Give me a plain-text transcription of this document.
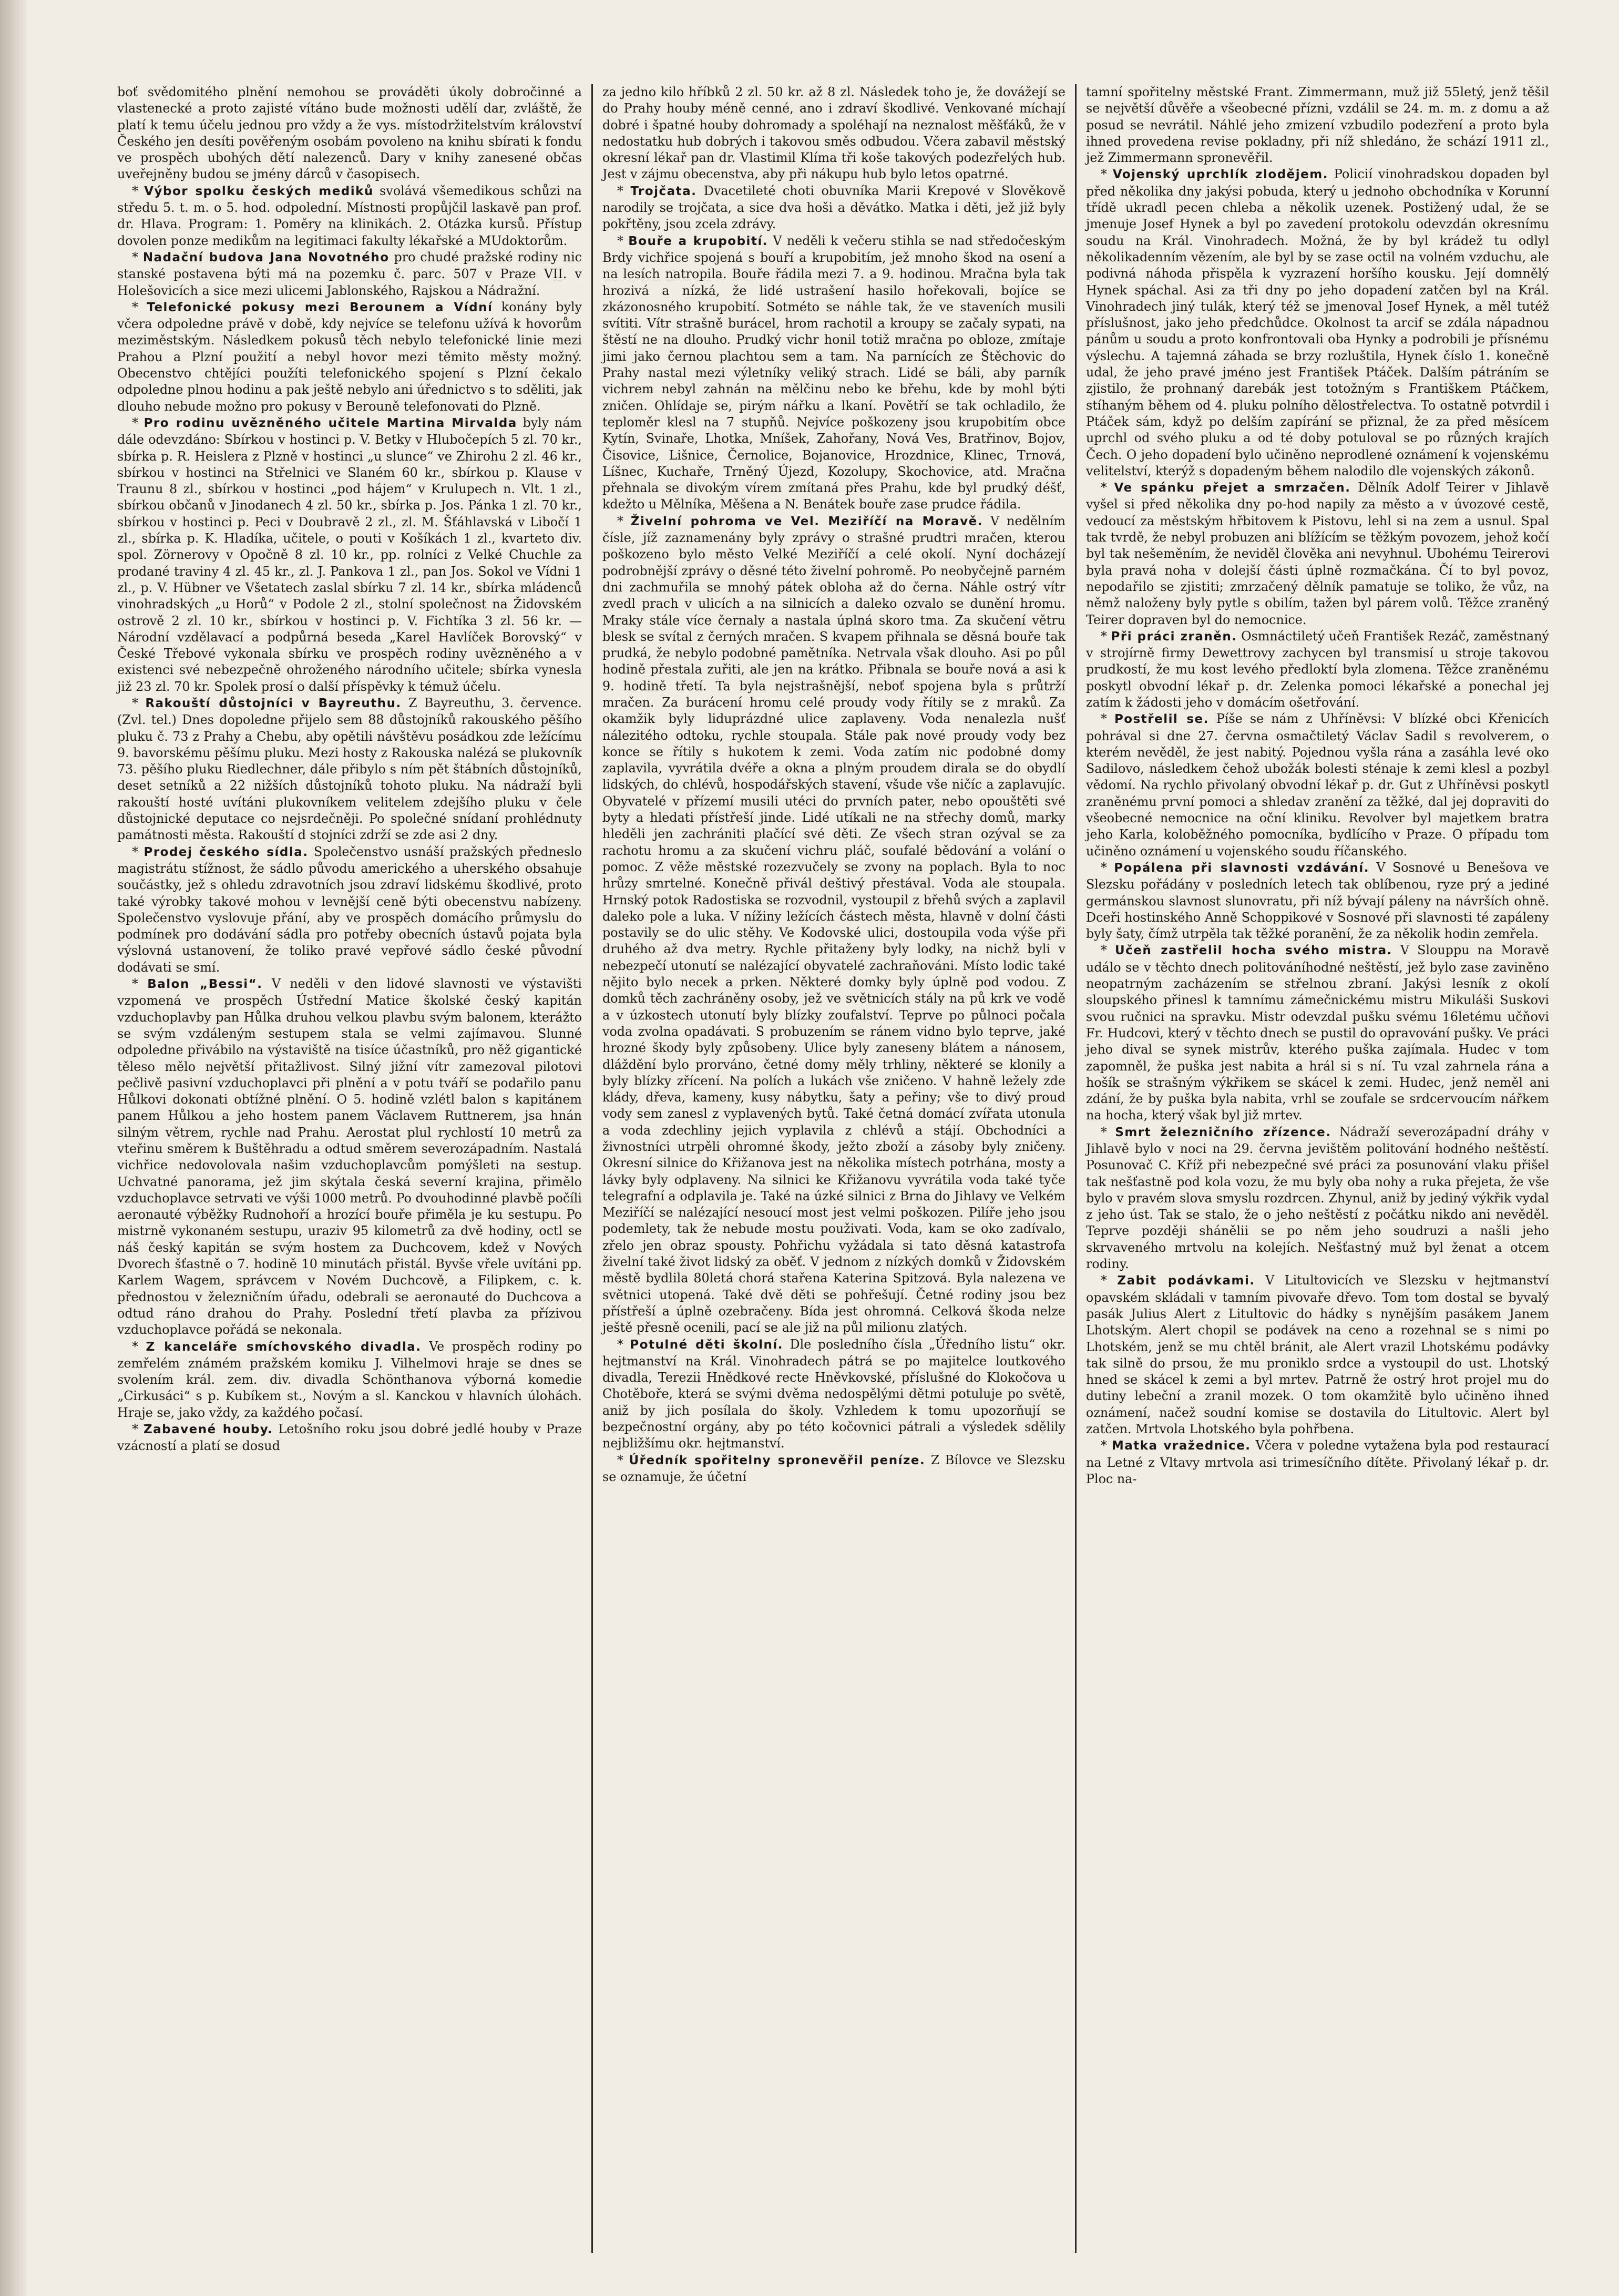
boť svědomitého plnění nemohou se prováděti úkoly dobročinné a vlastenecké a proto zajisté vítáno bude možnosti udělí dar, zvláště, že platí k temu účelu jednou pro vždy a že vys. místodržitelstvím království Českého jen desíti pověřeným osobám povoleno na knihu sbírati k fondu ve prospěch ubohých dětí nalezenců. Dary v knihy zanesené občas uveřejněny budou se jmény dárců v časopisech.

* Výbor spolku českých mediků svolává všemedikous schůzi na středu 5. t. m. o 5. hod. odpolední. Místnosti propůjčil laskavě pan prof. dr. Hlava. Program: 1. Poměry na klinikách. 2. Otázka kursů. Přístup dovolen ponze medikům na legitimaci fakulty lékařské a MUdoktorům.

* Nadační budova Jana Novotného pro chudé pražské rodiny nic stanské postavena býti má na pozemku č. parc. 507 v Praze VII. v Holešovicích a sice mezi ulicemi Jablonského, Rajskou a Nádražní.

* Telefonické pokusy mezi Berounem a Vídní konány byly včera odpoledne právě v době, kdy nejvíce se telefonu užívá k hovorům meziměstským. Následkem pokusů těch nebylo telefonické linie mezi Prahou a Plzní použití a nebyl hovor mezi těmito městy možný. Obecenstvo chtějíci použíti telefonického spojení s Plzní čekalo odpoledne plnou hodinu a pak ještě nebylo ani úřednictvo s to sděliti, jak dlouho nebude možno pro pokusy v Berouně telefonovati do Plzně.

* Pro rodinu uvězněného učitele Martina Mirvalda byly nám dále odevzdáno: Sbírkou v hostinci p. V. Betky v Hlubočepích 5 zl. 70 kr., sbírka p. R. Heislera z Plzně v hostinci „u slunce“ ve Zhirohu 2 zl. 46 kr., sbírkou v hostinci na Střelnici ve Slaném 60 kr., sbírkou p. Klause v Traunu 8 zl., sbírkou v hostinci „pod hájem“ v Krulupech n. Vlt. 1 zl., sbírkou občanů v Jinodanech 4 zl. 50 kr., sbírka p. Jos. Pánka 1 zl. 70 kr., sbírkou v hostinci p. Peci v Doubravě 2 zl., zl. M. Šťáhlavská v Libočí 1 zl., sbírka p. K. Hladíka, učitele, o pouti v Košíkách 1 zl., kvarteto div. spol. Zörnerovy v Opočně 8 zl. 10 kr., pp. rolníci z Velké Chuchle za prodané traviny 4 zl. 45 kr., zl. J. Pankova 1 zl., pan Jos. Sokol ve Vídni 1 zl., p. V. Hübner ve Všetatech zaslal sbírku 7 zl. 14 kr., sbírka mládenců vinohradských „u Horů“ v Podole 2 zl., stolní společnost na Židovském ostrově 2 zl. 10 kr., sbírkou v hostinci p. V. Fichtíka 3 zl. 56 kr. — Národní vzdělavací a podpůrná beseda „Karel Havlíček Borovský“ v České Třebové vykonala sbírku ve prospěch rodiny uvězněného a v existenci své nebezpečně ohroženého národního učitele; sbírka vynesla již 23 zl. 70 kr. Spolek prosí o další příspěvky k témuž účelu.

* Rakouští důstojníci v Bayreuthu. Z Bayreuthu, 3. července. (Zvl. tel.) Dnes dopoledne přijelo sem 88 důstojníků rakouského pěšího pluku č. 73 z Prahy a Chebu, aby opětili návštěvu posádkou zde ležícímu 9. bavorskému pěšímu pluku. Mezi hosty z Rakouska nalézá se plukovník 73. pěšího pluku Riedlechner, dále přibylo s ním pět štábních důstojníků, deset setníků a 22 nižších důstojníků tohoto pluku. Na nádraží byli rakouští hosté uvítáni plukovníkem velitelem zdejšího pluku v čele důstojnické deputace co nejsrdečněji. Po společné snídaní prohlédnuty památnosti města. Rakouští d stojníci zdrží se zde asi 2 dny.

* Prodej českého sídla. Společenstvo usnáší pražských předneslo magistrátu stížnost, že sádlo původu amerického a uherského obsahuje součástky, jež s ohledu zdravotních jsou zdraví lidskému škodlivé, proto také výrobky takové mohou v levnější ceně býti obecenstvu nabízeny. Společenstvo vyslovuje přání, aby ve prospěch domácího průmyslu do podmínek pro dodávání sádla pro potřeby obecních ústavů pojata byla výslovná ustanovení, že toliko pravé vepřové sádlo české původní dodávati se smí.

* Balon „Bessi“. V neděli v den lidové slavnosti ve výstavišti vzpomená ve prospěch Ústřední Matice školské český kapitán vzduchoplavby pan Hůlka druhou velkou plavbu svým balonem, kterážto se svým vzdáleným sestupem stala se velmi zajímavou. Slunné odpoledne přivábilo na výstaviště na tisíce účastníků, pro něž gigantické těleso mělo největší přitažlivost. Silný jižní vítr zamezoval pilotovi pečlivě pasivní vzduchoplavci při plnění a v potu tváří se podařilo panu Hůlkovi dokonati obtížné plnění. O 5. hodině vzlétl balon s kapitánem panem Hůlkou a jeho hostem panem Václavem Ruttnerem, jsa hnán silným větrem, rychle nad Prahu. Aerostat plul rychlostí 10 metrů za vteřinu směrem k Buštěhradu a odtud směrem severozápadním. Nastalá vichřice nedovolovala našim vzduchoplavcům pomýšleti na sestup. Uchvatné panorama, jež jim skýtala česká severní krajina, přimělo vzduchoplavce setrvati ve výši 1000 metrů. Po dvouhodinné plavbě počíli aeronauté výběžky Rudnohoří a hrozící bouře přiměla je ku sestupu. Po mistrně vykonaném sestupu, uraziv 95 kilometrů za dvě hodiny, octl se náš český kapitán se svým hostem za Duchcovem, kdež v Nových Dvorech šťastně o 7. hodině 10 minutách přistál. Byvše vřele uvítáni pp. Karlem Wagem, správcem v Novém Duchcově, a Filipkem, c. k. přednostou v železničním úřadu, odebrali se aeronauté do Duchcova a odtud ráno drahou do Prahy. Poslední třetí plavba za přízivou vzduchoplavce pořádá se nekonala.

* Z kanceláře smíchovského divadla. Ve prospěch rodiny po zemřelém známém pražském komiku J. Vilhelmovi hraje se dnes se svolením král. zem. div. divadla Schönthanova výborná komedie „Cirkusáci“ s p. Kubíkem st., Novým a sl. Kanckou v hlavních úlohách. Hraje se, jako vždy, za každého počasí.

* Zabavené houby. Letošního roku jsou dobré jedlé houby v Praze vzácností a platí se dosud

za jedno kilo hříbků 2 zl. 50 kr. až 8 zl. Následek toho je, že dovážejí se do Prahy houby méně cenné, ano i zdraví škodlivé. Venkované míchají dobré i špatné houby dohromady a spoléhají na neznalost měšťáků, že v nedostatku hub dobrých i takovou směs odbudou. Včera zabavil městský okresní lékař pan dr. Vlastimil Klíma tři koše takových podezřelých hub. Jest v zájmu obecenstva, aby při nákupu hub bylo letos opatrné.

* Trojčata. Dvacetileté choti obuvníka Marii Krepové v Slověkově narodily se trojčata, a sice dva hoši a děvátko. Matka i děti, jež již byly pokřtěny, jsou zcela zdrávy.

* Bouře a krupobití. V neděli k večeru stihla se nad středočeským Brdy vichřice spojená s bouří a krupobitím, jež mnoho škod na osení a na lesích natropila. Bouře řádila mezi 7. a 9. hodinou. Mračna byla tak hrozivá a nízká, že lidé ustrašení hasilo hořekovali, bojíce se zkázonosného krupobití. Sotméto se náhle tak, že ve staveních musili svítiti. Vítr strašně burácel, hrom rachotil a kroupy se začaly sypati, na štěstí ne na dlouho. Prudký vichr honil totiž mračna po obloze, zmítaje jimi jako černou plachtou sem a tam. Na parnících ze Štěchovic do Prahy nastal mezi výletníky veliký strach. Lidé se báli, aby parník vichrem nebyl zahnán na mělčinu nebo ke břehu, kde by mohl býti zničen. Ohlídaje se, pirým nářku a lkaní. Povětří se tak ochladilo, že teploměr klesl na 7 stupňů. Nejvíce poškozeny jsou krupobitím obce Kytín, Svinaře, Lhotka, Mníšek, Zahořany, Nová Ves, Bratřinov, Bojov, Čisovice, Lišnice, Černolice, Bojanovice, Hrozdnice, Klinec, Trnová, Líšnec, Kuchaře, Trněný Újezd, Kozolupy, Skochovice, atd. Mračna přehnala se divokým vírem zmítaná přes Prahu, kde byl prudký déšť, kdežto u Mělníka, Měšena a N. Benátek bouře zase prudce řádila.

* Živelní pohroma ve Vel. Meziříčí na Moravě. V nedělním čísle, jíž zaznamenány byly zprávy o strašné prudtri mračen, kterou poškozeno bylo město Velké Meziříčí a celé okolí. Nyní docházejí podrobnější zprávy o děsné této živelní pohromě. Po neobyčejně parném dni zachmuřila se mnohý pátek obloha až do černa. Náhle ostrý vítr zvedl prach v ulicích a na silnicích a daleko ozvalo se dunění hromu. Mraky stále více černaly a nastala úplná skoro tma. Za skučení větru blesk se svítal z černých mračen. S kvapem přihnala se děsná bouře tak prudká, že nebylo podobné pamětníka. Netrvala však dlouho. Asi po půl hodině přestala zuřiti, ale jen na krátko. Přibnala se bouře nová a asi k 9. hodině třetí. Ta byla nejstrašnější, neboť spojena byla s průtrží mračen. Za burácení hromu celé proudy vody řítily se z mraků. Za okamžik byly liduprázdné ulice zaplaveny. Voda nenalezla nušť nálezitého odtoku, rychle stoupala. Stále pak nové proudy vody bez konce se řítily s hukotem k zemi. Voda zatím nic podobné domy zaplavila, vyvrátila dvéře a okna a plným proudem dirala se do obydlí lidských, do chlévů, hospodářských stavení, všude vše ničíc a zaplavujíc. Obyvatelé v přízemí musili utéci do prvních pater, nebo opouštěti své byty a hledati přístřeší jinde. Lidé utíkali ne na střechy domů, marky hleděli jen zachrániti plačící své děti. Ze všech stran ozýval se za rachotu hromu a za skučení vichru pláč, soufalé bědování a volání o pomoc. Z věže městské rozezvučely se zvony na poplach. Byla to noc hrůzy smrtelné. Konečně přivál deštivý přestával. Voda ale stoupala. Hrnský potok Radostiska se rozvodnil, vystoupil z břehů svých a zaplavil daleko pole a luka. V nížiny ležících částech města, hlavně v dolní části postavily se do ulic stěhy. Ve Kodovské ulici, dostoupila voda výše při druhého až dva metry. Rychle přitaženy byly lodky, na nichž byli v nebezpečí utonutí se nalézající obyvatelé zachraňováni. Místo lodic také nějito bylo necek a prken. Některé domky byly úplně pod vodou. Z domků těch zachráněny osoby, jež ve světnicích stály na pů krk ve vodě a v úzkostech utonutí byly blízky zoufalství. Teprve po půlnoci počala voda zvolna opadávati. S probuzením se ránem vidno bylo teprve, jaké hrozné škody byly způsobeny. Ulice byly zaneseny blátem a nánosem, dláždění bylo prorváno, četné domy měly trhliny, některé se klonily a byly blízky zřícení. Na polích a lukách vše zničeno. V hahně ležely zde klády, dřeva, kameny, kusy nábytku, šaty a peřiny; vše to divý proud vody sem zanesl z vyplavených bytů. Také četná domácí zvířata utonula a voda zdechliny jejich vyplavila z chlévů a stájí. Obchodníci a živnostníci utrpěli ohromné škody, ježto zboží a zásoby byly zničeny. Okresní silnice do Křižanova jest na několika místech potrhána, mosty a lávky byly odplaveny. Na silnici ke Křižanovu vyvrátila voda také tyče telegrafní a odplavila je. Také na úzké silnici z Brna do Jihlavy ve Velkém Meziříčí se nalézající nesoucí most jest velmi poškozen. Pilíře jeho jsou podemlety, tak že nebude mostu použivati. Voda, kam se oko zadívalo, zřelo jen obraz spousty. Pohřichu vyžádala si tato děsná katastrofa živelní také život lidský za oběť. V jednom z nízkých domků v Židovském městě bydlila 80letá chorá stařena Katerina Spitzová. Byla nalezena ve světnici utopená. Také dvě děti se pohřešují. Četné rodiny jsou bez přístřeší a úplně ozebračeny. Bída jest ohromná. Celková škoda nelze ještě přesně ocenili, pací se ale již na půl milionu zlatých.

* Potulné děti školní. Dle posledního čísla „Úředního listu“ okr. hejtmanství na Král. Vinohradech pátrá se po majitelce loutkového divadla, Terezii Hnědkové recte Hněvkovské, příslušné do Klokočova u Chotěboře, která se svými dvěma nedospělými dětmi potuluje po světě, aniž by jich posílala do školy. Vzhledem k tomu upozorňují se bezpečnostní orgány, aby po této kočovnici pátrali a výsledek sdělily nejbližšímu okr. hejtmanství.

* Úředník spořitelny spronevěřil peníze. Z Bílovce ve Slezsku se oznamuje, že účetní

tamní spořitelny městské Frant. Zimmermann, muž již 55letý, jenž těšil se největší důvěře a všeobecné přízni, vzdálil se 24. m. m. z domu a až posud se nevrátil. Náhlé jeho zmizení vzbudilo podezření a proto byla ihned provedena revise pokladny, při níž shledáno, že schází 1911 zl., jež Zimmermann spronevěřil.

* Vojenský uprchlík zlodějem. Policií vinohradskou dopaden byl před několika dny jakýsi pobuda, který u jednoho obchodníka v Korunní třídě ukradl pecen chleba a několik uzenek. Postižený udal, že se jmenuje Josef Hynek a byl po zavedení protokolu odevzdán okresnímu soudu na Král. Vinohradech. Možná, že by byl krádež tu odlyl několikadenním vězením, ale byl by se zase octil na volném vzduchu, ale podivná náhoda přispěla k vyzrazení horšího kousku. Její domnělý Hynek spáchal. Asi za tři dny po jeho dopadení zatčen byl na Král. Vinohradech jiný tulák, který též se jmenoval Josef Hynek, a měl tutéž příslušnost, jako jeho předchůdce. Okolnost ta arcif se zdála nápadnou pánům u soudu a proto konfrontovali oba Hynky a podrobili je přísnému výslechu. A tajemná záhada se brzy rozluštila, Hynek číslo 1. konečně udal, že jeho pravé jméno jest František Ptáček. Dalším pátráním se zjistilo, že prohnaný darebák jest totožným s Františkem Ptáčkem, stíhaným během od 4. pluku polního dělostřelectva. To ostatně potvrdil i Ptáček sám, když po delším zapírání se přiznal, že za před měsícem uprchl od svého pluku a od té doby potuloval se po různých krajích Čech. O jeho dopadení bylo učiněno neprodlené oznámení k vojenskému velitelství, kterýž s dopadeným během nalodilo dle vojenských zákonů.

* Ve spánku přejet a smrzačen. Dělník Adolf Teirer v Jihlavě vyšel si před několika dny po-hod napily za město a v úvozové cestě, vedoucí za městským hřbitovem k Pistovu, lehl si na zem a usnul. Spal tak tvrdě, že nebyl probuzen ani blížícím se těžkým povozem, jehož kočí byl tak nešeměním, že neviděl člověka ani nevyhnul. Ubohému Teirerovi byla pravá noha v dolejší části úplně rozmačkána. Čí to byl povoz, nepodařilo se zjistiti; zmrzačený dělník pamatuje se toliko, že vůz, na němž naloženy byly pytle s obilím, tažen byl párem volů. Těžce zraněný Teirer dopraven byl do nemocnice.

* Při práci zraněn. Osmnáctiletý učeň František Rezáč, zaměstnaný v strojírně firmy Dewettrovy zachycen byl transmisí u stroje takovou prudkostí, že mu kost levého předloktí byla zlomena. Těžce zraněnému poskytl obvodní lékař p. dr. Zelenka pomoci lékařské a ponechal jej zatím k žádosti jeho v domácím ošetřování.

* Postřelil se. Píše se nám z Uhříněvsi: V blízké obci Křenicích pohrával si dne 27. června osmačtiletý Václav Sadil s revolverem, o kterém nevěděl, že jest nabitý. Pojednou vyšla rána a zasáhla levé oko Sadilovo, následkem čehož ubožák bolesti sténaje k zemi klesl a pozbyl vědomí. Na rychlo přivolaný obvodní lékař p. dr. Gut z Uhříněvsi poskytl zraněnému první pomoci a shledav zranění za těžké, dal jej dopraviti do všeobecné nemocnice na oční kliniku. Revolver byl majetkem bratra jeho Karla, koloběžného pomocníka, bydlícího v Praze. O případu tom učiněno oznámení u vojenského soudu říčanského.

* Popálena při slavnosti vzdávání. V Sosnové u Benešova ve Slezsku pořádány v posledních letech tak oblíbenou, ryze prý a jediné germánskou slavnost slunovratu, při níž bývají páleny na návrších ohně. Dceři hostinského Anně Schoppikové v Sosnové při slavnosti té zapáleny byly šaty, čímž utrpěla tak těžké poranění, že za několik hodin zemřela.

* Učeň zastřelil hocha svého mistra. V Slouppu na Moravě událo se v těchto dnech politováníhodné neštěstí, jež bylo zase zaviněno neopatrným zacházením se střelnou zbraní. Jakýsi lesník z okolí sloupského přinesl k tamnímu zámečnickému mistru Mikuláši Suskovi svou ručnici na spravku. Mistr odevzdal pušku svému 16letému učňovi Fr. Hudcovi, který v těchto dnech se pustil do opravování pušky. Ve práci jeho dival se synek mistrův, kterého puška zajímala. Hudec v tom zapomněl, že puška jest nabita a hrál si s ní. Tu vzal zahrnela rána a hošík se strašným výkřikem se skácel k zemi. Hudec, jenž neměl ani zdání, že by puška byla nabita, vrhl se zoufale se srdcervoucím nářkem na hocha, který však byl již mrtev.

* Smrt železničního zřízence. Nádraží severozápadní dráhy v Jihlavě bylo v noci na 29. června jevištěm politování hodného neštěstí. Posunovač C. Kříž při nebezpečné své práci za posunování vlaku přišel tak nešťastně pod kola vozu, že mu byly oba nohy a ruka přejeta, že vše bylo v pravém slova smyslu rozdrcen. Zhynul, aniž by jediný výkřik vydal z jeho úst. Tak se stalo, že o jeho neštěstí z počátku nikdo ani nevěděl. Teprve později shánělii se po něm jeho soudruzi a našli jeho skrvaveného mrtvolu na kolejích. Nešťastný muž byl ženat a otcem rodiny.

* Zabit podávkami. V Litultovicích ve Slezsku v hejtmanství opavském skládali v tamním pivovaře dřevo. Tom tom dostal se byvalý pasák Julius Alert z Litultovic do hádky s nynějším pasákem Janem Lhotským. Alert chopil se podávek na ceno a rozehnal se s nimi po Lhotském, jenž se mu chtěl bránit, ale Alert vrazil Lhotskému podávky tak silně do prsou, že mu proniklo srdce a vystoupil do ust. Lhotský hned se skácel k zemi a byl mrtev. Patrně že ostrý hrot projel mu do dutiny lebeční a zranil mozek. O tom okamžitě bylo učiněno ihned oznámení, načež soudní komise se dostavila do Litultovic. Alert byl zatčen. Mrtvola Lhotského byla pohřbena.

* Matka vražednice. Včera v poledne vytažena byla pod restaurací na Letné z Vltavy mrtvola asi trimesíčního dítěte. Přivolaný lékař p. dr. Ploc na-
